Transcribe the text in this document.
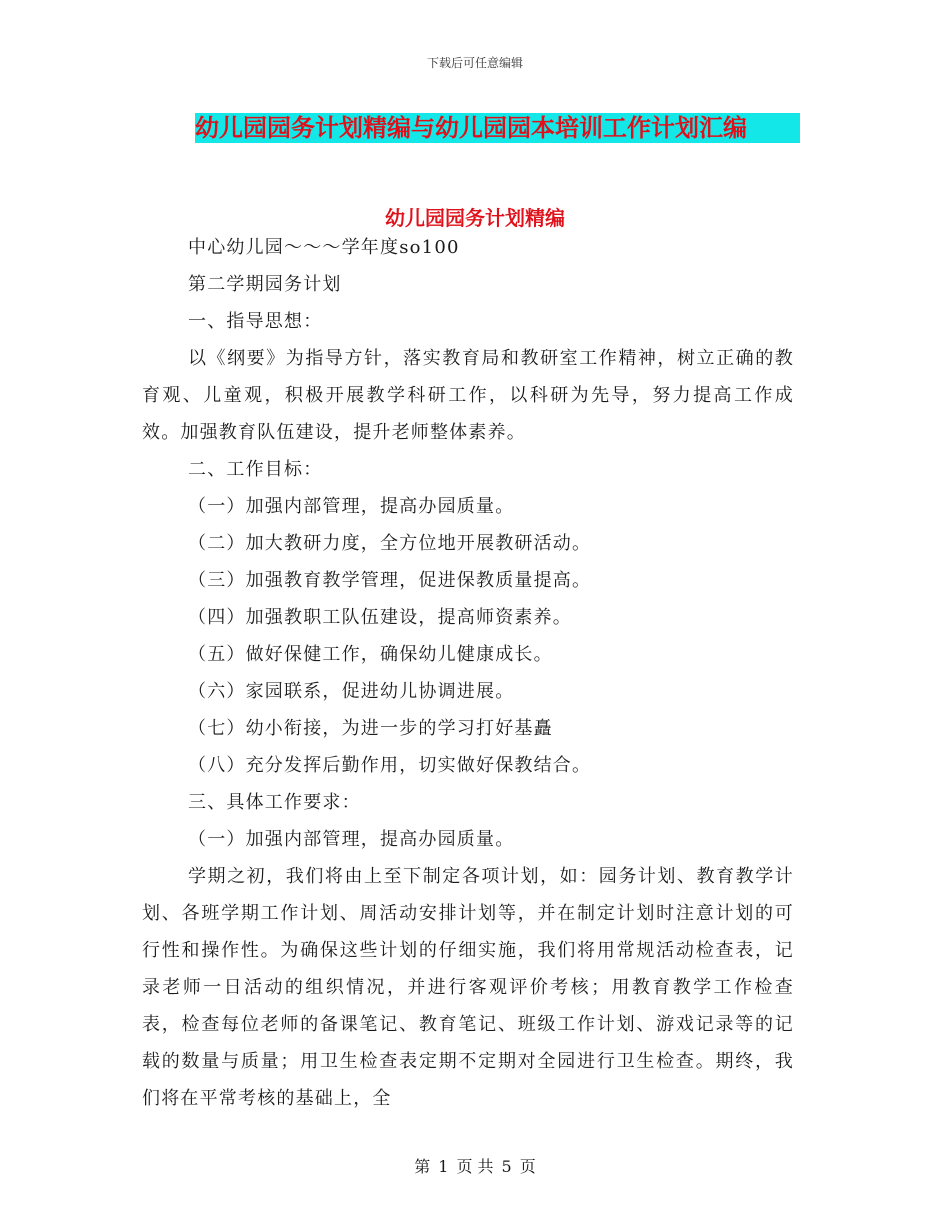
下载后可任意编辑
幼儿园园务计划精编与幼儿园园本培训工作计划汇编
幼儿园园务计划精编

中心幼儿园～～～学年度so100

第二学期园务计划

一、指导思想：

以《纲要》为指导方针，落实教育局和教研室工作精神，树立正确的教育观、儿童观，积极开展教学科研工作，以科研为先导，努力提高工作成效。加强教育队伍建设，提升老师整体素养。

二、工作目标：

（一）加强内部管理，提高办园质量。

（二）加大教研力度，全方位地开展教研活动。

（三）加强教育教学管理，促进保教质量提高。

（四）加强教职工队伍建设，提高师资素养。

（五）做好保健工作，确保幼儿健康成长。

（六）家园联系，促进幼儿协调进展。

（七）幼小衔接，为进一步的学习打好基矗

（八）充分发挥后勤作用，切实做好保教结合。

三、具体工作要求：

（一）加强内部管理，提高办园质量。

学期之初，我们将由上至下制定各项计划，如：园务计划、教育教学计划、各班学期工作计划、周活动安排计划等，并在制定计划时注意计划的可行性和操作性。为确保这些计划的仔细实施，我们将用常规活动检查表，记录老师一日活动的组织情况，并进行客观评价考核；用教育教学工作检查表，检查每位老师的备课笔记、教育笔记、班级工作计划、游戏记录等的记载的数量与质量；用卫生检查表定期不定期对全园进行卫生检查。期终，我们将在平常考核的基础上，全

第 1 页 共 5 页
